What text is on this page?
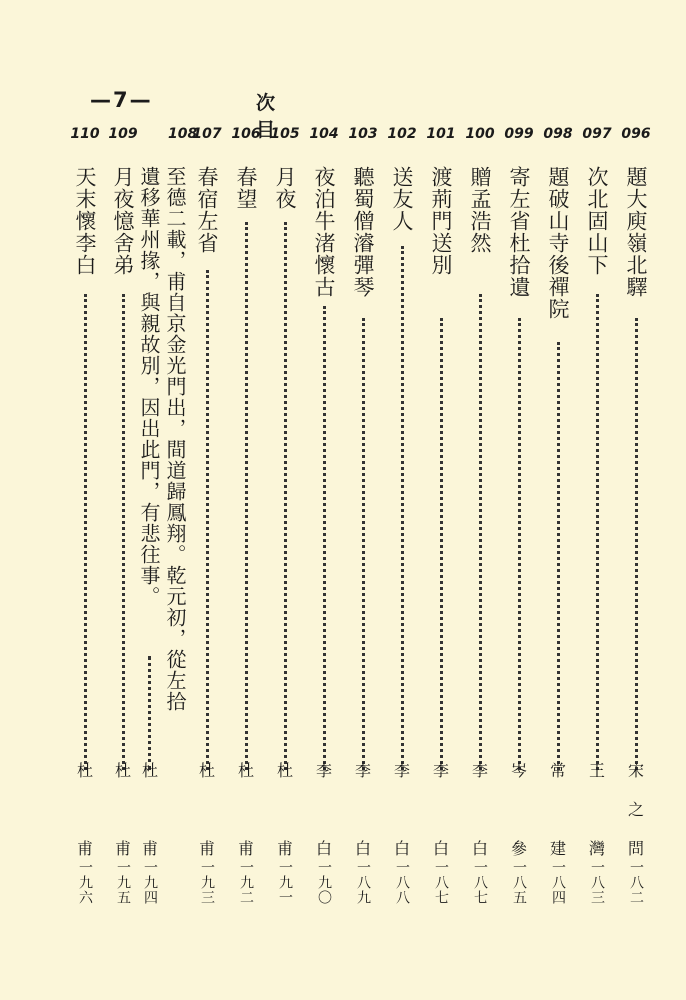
—7—	次　　目	096
題大庾嶺北驛
宋
之
問
一八二
097
次北固山下
王
灣
一八三
098
題破山寺後禪院
常
建
一八四
099
寄左省杜拾遺
岑
參
一八五
100
贈孟浩然
李
白
一八七
101
渡荊門送別
李
白
一八七
102
送友人
李
白
一八八
103
聽蜀僧濬彈琴
李
白
一八九
104
夜泊牛渚懷古
李
白
一九〇
105
月夜
杜
甫
一九一
106
春望
杜
甫
一九二
107
春宿左省
杜
甫
一九三
108
至德二載，甫自京金光門出，間道歸鳳翔。乾元初，從左拾
遺移華州掾，與親故別，因出此門，有悲往事。
杜
甫
一九四
109
月夜憶舍弟
杜
甫
一九五
110
天末懷李白
杜
甫
一九六
